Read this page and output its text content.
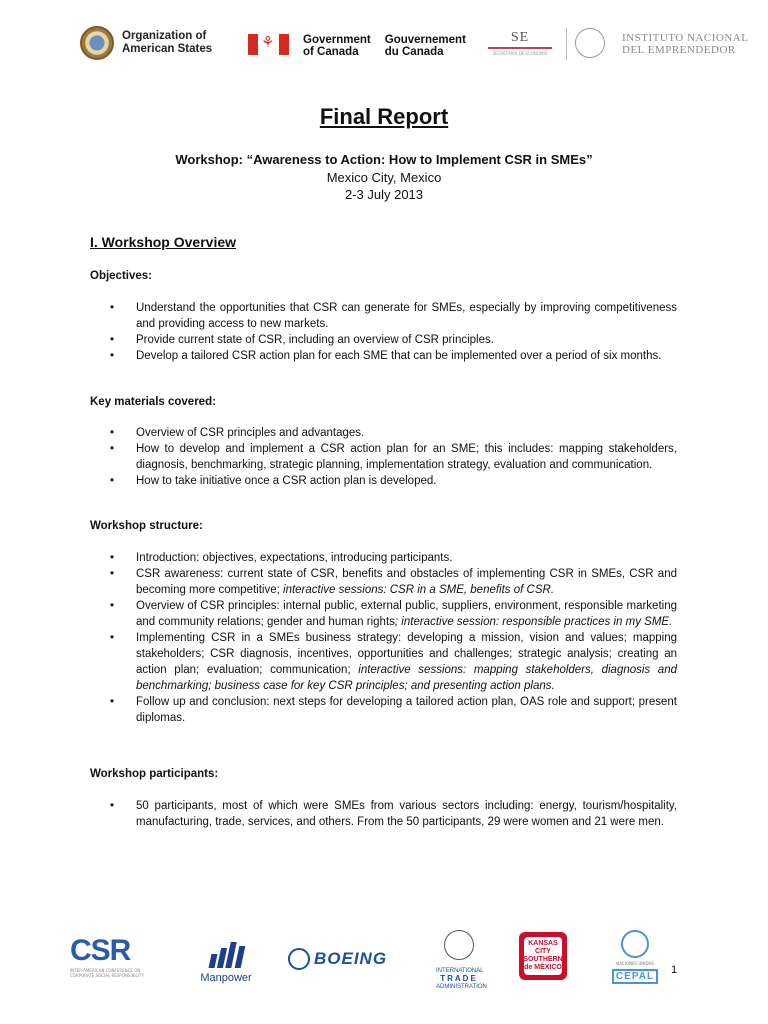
Organization of
American States
⚘
Government
of Canada
Gouvernement
du Canada
SE
SECRETARÍA DE ECONOMÍA
INSTITUTO NACIONAL
DEL EMPRENDEDOR
Final Report
Workshop: “Awareness to Action: How to Implement CSR in SMEs”
Mexico City, Mexico
2-3 July 2013
I. Workshop Overview
Objectives:
• Understand the opportunities that CSR can generate for SMEs, especially by improving competitiveness and providing access to new markets.
• Provide current state of CSR, including an overview of CSR principles.
• Develop a tailored CSR action plan for each SME that can be implemented over a period of six months.
Key materials covered:
• Overview of CSR principles and advantages.
• How to develop and implement a CSR action plan for an SME; this includes: mapping stakeholders, diagnosis, benchmarking, strategic planning, implementation strategy, evaluation and communication.
• How to take initiative once a CSR action plan is developed.
Workshop structure:
• Introduction: objectives, expectations, introducing participants.
• CSR awareness: current state of CSR, benefits and obstacles of implementing CSR in SMEs, CSR and becoming more competitive; interactive sessions: CSR in a SME, benefits of CSR.
• Overview of CSR principles: internal public, external public, suppliers, environment, responsible marketing and community relations; gender and human rights; interactive session: responsible practices in my SME.
• Implementing CSR in a SMEs business strategy: developing a mission, vision and values; mapping stakeholders; CSR diagnosis, incentives, opportunities and challenges; strategic analysis; creating an action plan; evaluation; communication; interactive sessions: mapping stakeholders, diagnosis and benchmarking; business case for key CSR principles; and presenting action plans.
• Follow up and conclusion: next steps for developing a tailored action plan, OAS role and support; present diplomas.
Workshop participants:
• 50 participants, most of which were SMEs from various sectors including: energy, tourism/hospitality, manufacturing, trade, services, and others. From the 50 participants, 29 were women and 21 were men.
CSR
INTER-AMERICAN CONFERENCE ON CORPORATE SOCIAL RESPONSIBILITY	Manpower
BOEING
INTERNATIONAL
TRADE
ADMINISTRATION
KANSAS CITY SOUTHERN de MÉXICO
NACIONES UNIDAS
CEPAL
1
